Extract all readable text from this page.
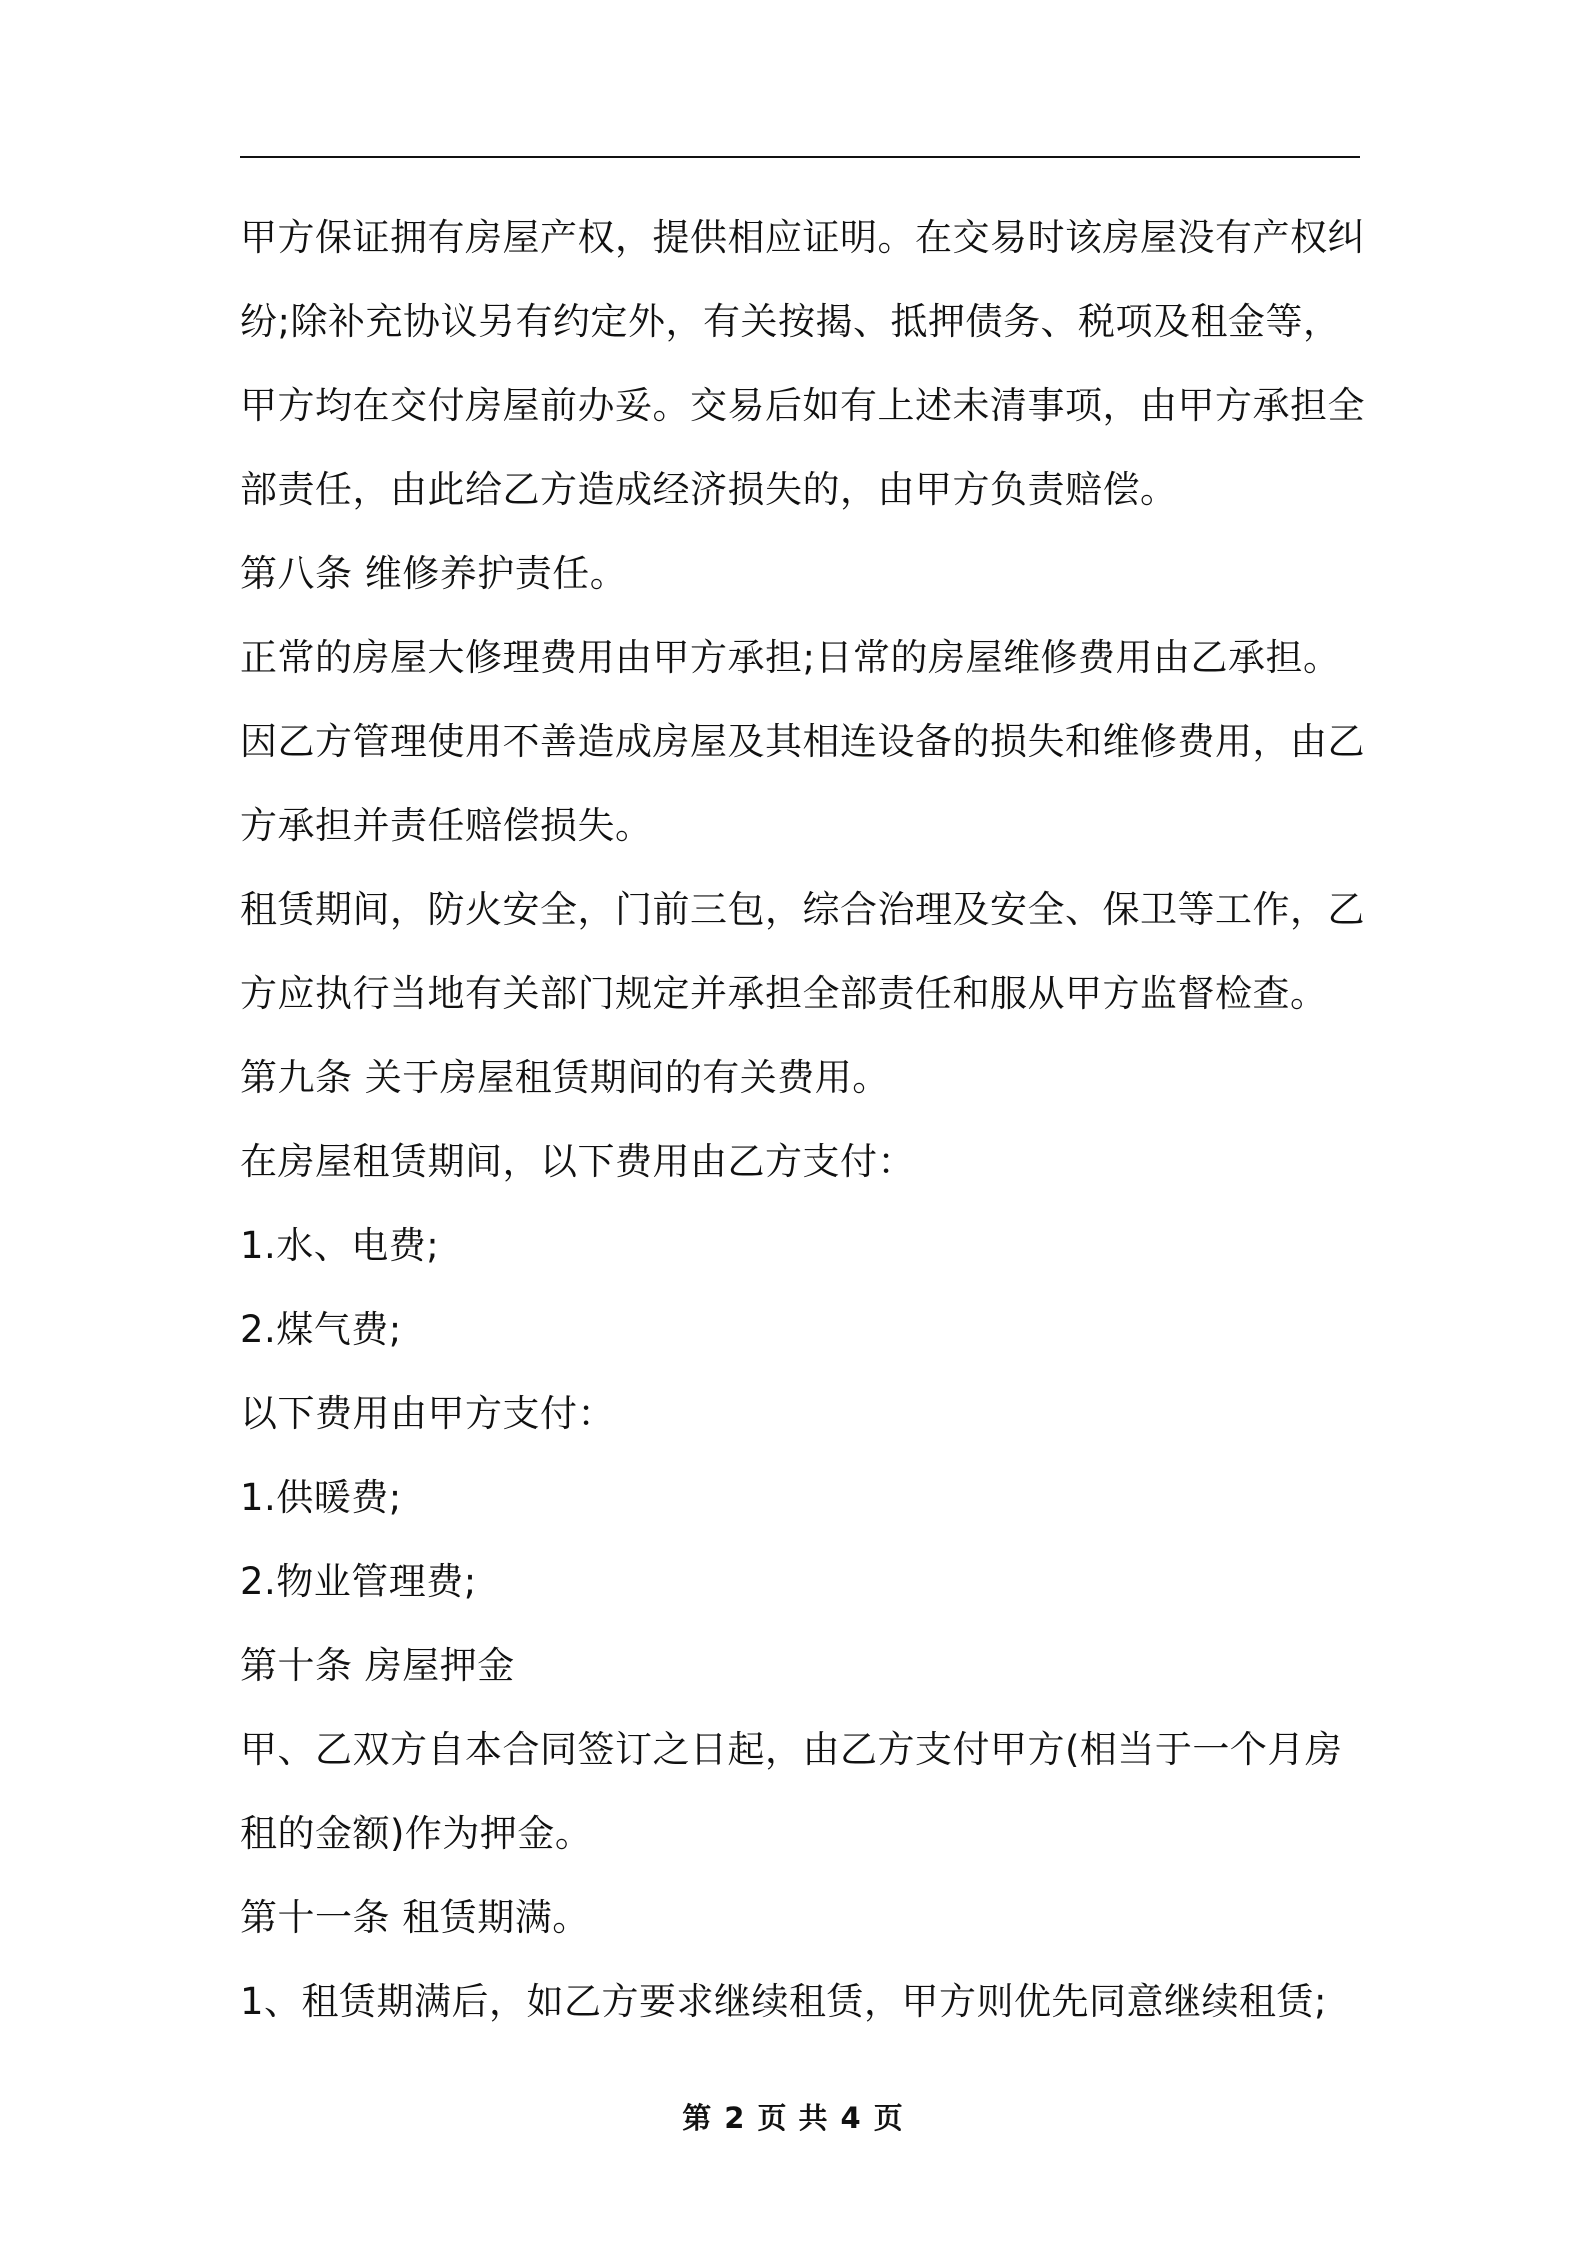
甲方保证拥有房屋产权，提供相应证明。在交易时该房屋没有产权纠
纷;除补充协议另有约定外，有关按揭、抵押债务、税项及租金等，
甲方均在交付房屋前办妥。交易后如有上述未清事项，由甲方承担全
部责任，由此给乙方造成经济损失的，由甲方负责赔偿。
第八条 维修养护责任。
正常的房屋大修理费用由甲方承担;日常的房屋维修费用由乙承担。
因乙方管理使用不善造成房屋及其相连设备的损失和维修费用，由乙
方承担并责任赔偿损失。
租赁期间，防火安全，门前三包，综合治理及安全、保卫等工作，乙
方应执行当地有关部门规定并承担全部责任和服从甲方监督检查。
第九条 关于房屋租赁期间的有关费用。
在房屋租赁期间，以下费用由乙方支付：
1.水、电费;
2.煤气费;
以下费用由甲方支付：
1.供暖费;
2.物业管理费;
第十条 房屋押金
甲、乙双方自本合同签订之日起，由乙方支付甲方(相当于一个月房
租的金额)作为押金。
第十一条 租赁期满。
1、租赁期满后，如乙方要求继续租赁，甲方则优先同意继续租赁;
第 2 页 共 4 页
